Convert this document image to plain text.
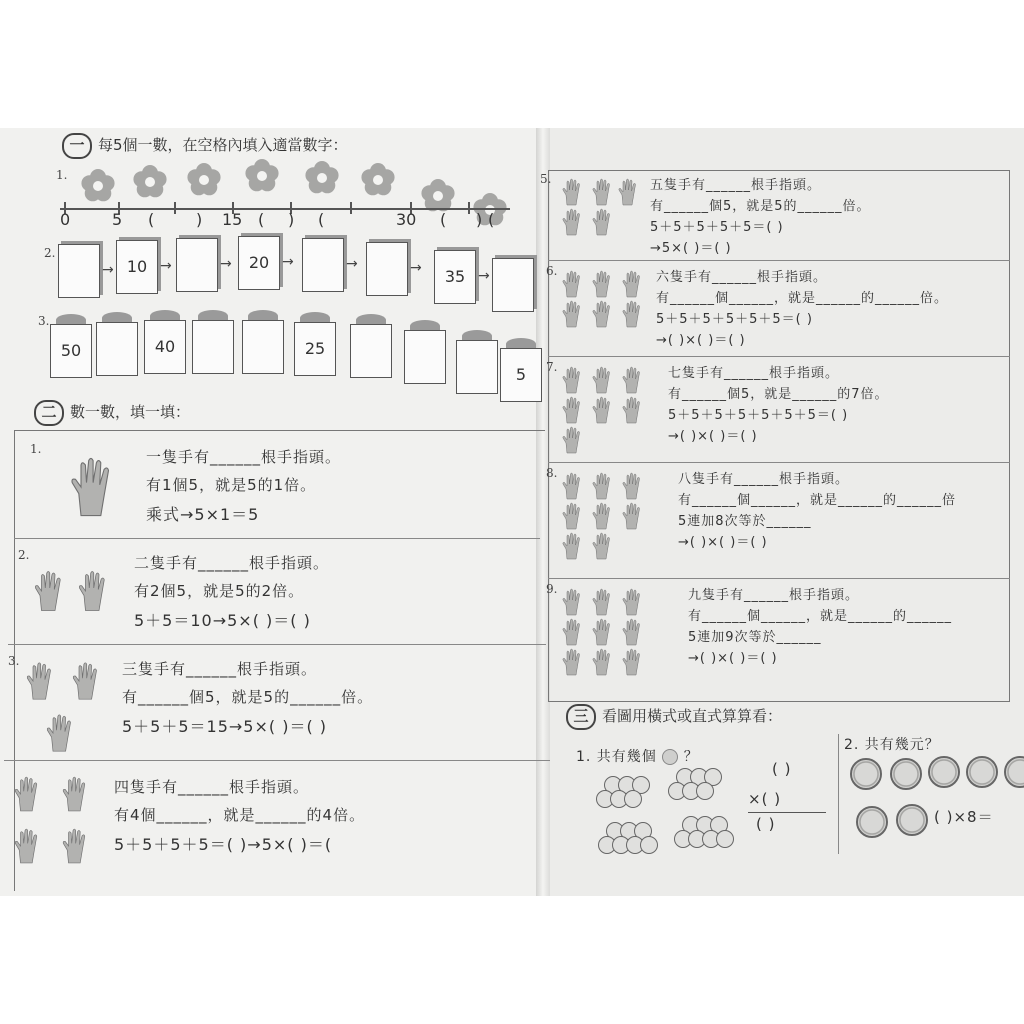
一 每5個一數，在空格內填入適當數字：
1.
0	5 (	) 15 ( ) (	30 ( ) (
2.
→ 10 →	→	20 →	→	→	35 →
3.
50	40	25
5
二 數一數，填一填：
1.	一隻手有______根手指頭。
有1個5，就是5的1倍。
乘式→5×1＝5
2.	二隻手有______根手指頭。
有2個5，就是5的2倍。
5＋5＝10→5×( )＝( )
3.	三隻手有______根手指頭。
有______個5，就是5的______倍。
5＋5＋5＝15→5×( )＝( )
四隻手有______根手指頭。
有4個______，就是______的4倍。
5＋5＋5＋5＝( )→5×( )＝(
5.	五隻手有______根手指頭。
有______個5，就是5的______倍。
5＋5＋5＋5＋5＝( )
→5×( )＝( )
6.	六隻手有______根手指頭。
有______個______，就是______的______倍。
5＋5＋5＋5＋5＋5＝( )
→( )×( )＝( )
7.	七隻手有______根手指頭。
有______個5，就是______的7倍。
5＋5＋5＋5＋5＋5＋5＝( )
→( )×( )＝( )
8.	八隻手有______根手指頭。
有______個______，就是______的______倍
5連加8次等於______
→( )×( )＝( )
9.	九隻手有______根手指頭。
有______個______，就是______的______
5連加9次等於______
→( )×( )＝( )
三 看圖用橫式或直式算算看：
1. 共有幾個 ？
( )
×( )
( )
2. 共有幾元？
( )×8＝
